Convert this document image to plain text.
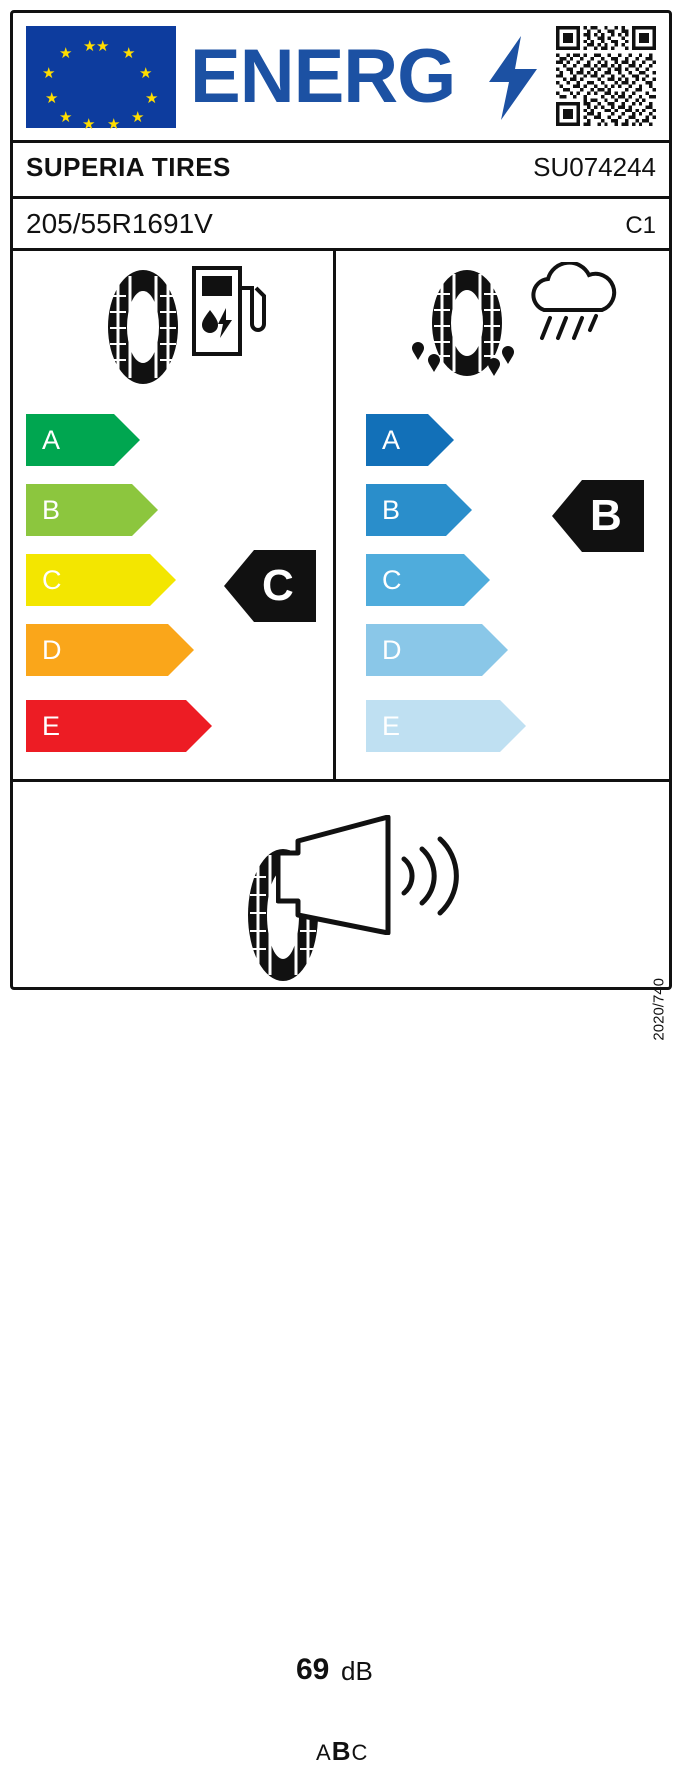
★ ★
★
★
★
★
★
★
★
★
★ ★ ENERG
SUPERIA TIRES	SU074244
205/55R1691V	C1
A
B
C
D
E
C
A
B
C
D
E
B
69 dB
ABC
2020/740
